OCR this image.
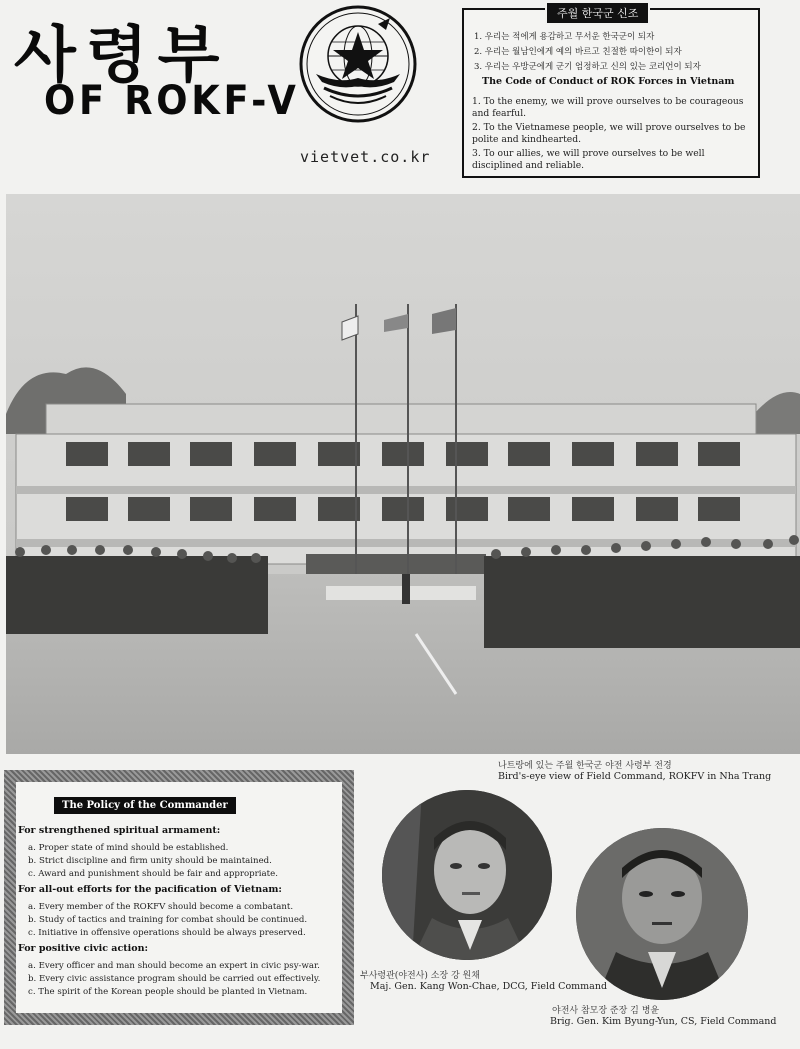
사령부
OF ROKF-V
vietvet.co.kr
1. 우리는 적에게 용감하고 무서운 한국군이 되자
2. 우리는 월남인에게 예의 바르고 친절한 따이한이 되자
3. 우리는 우방군에게 군기 엄정하고 신의 있는 코리언이 되자
The Code of Conduct of ROK Forces in Vietnam
1. To the enemy, we will prove ourselves to be courageous and fearful.
2. To the Vietnamese people, we will prove ourselves to be polite and kindhearted.
3. To our allies, we will prove ourselves to be well disciplined and reliable.
주월 한국군 신조
나트랑에 있는 주월 한국군 야전 사령부 전경
Bird's-eye view of Field Command, ROKFV in Nha Trang
The Policy of the Commander
For strengthened spiritual armament:
a. Proper state of mind should be established.
b. Strict discipline and firm unity should be maintained.
c. Award and punishment should be fair and appropriate.
For all-out efforts for the pacification of Vietnam:
a. Every member of the ROKFV should become a combatant.
b. Study of tactics and training for combat should be continued.
c. Initiative in offensive operations should be always preserved.
For positive civic action:
a. Every officer and man should become an expert in civic psy-war.
b. Every civic assistance program should be carried out effectively.
c. The spirit of the Korean people should be planted in Vietnam.
부사령관(야전사) 소장 강 원채
Maj. Gen. Kang Won-Chae, DCG, Field Command
야전사 참모장 준장 김 병윤
Brig. Gen. Kim Byung-Yun, CS, Field Command
